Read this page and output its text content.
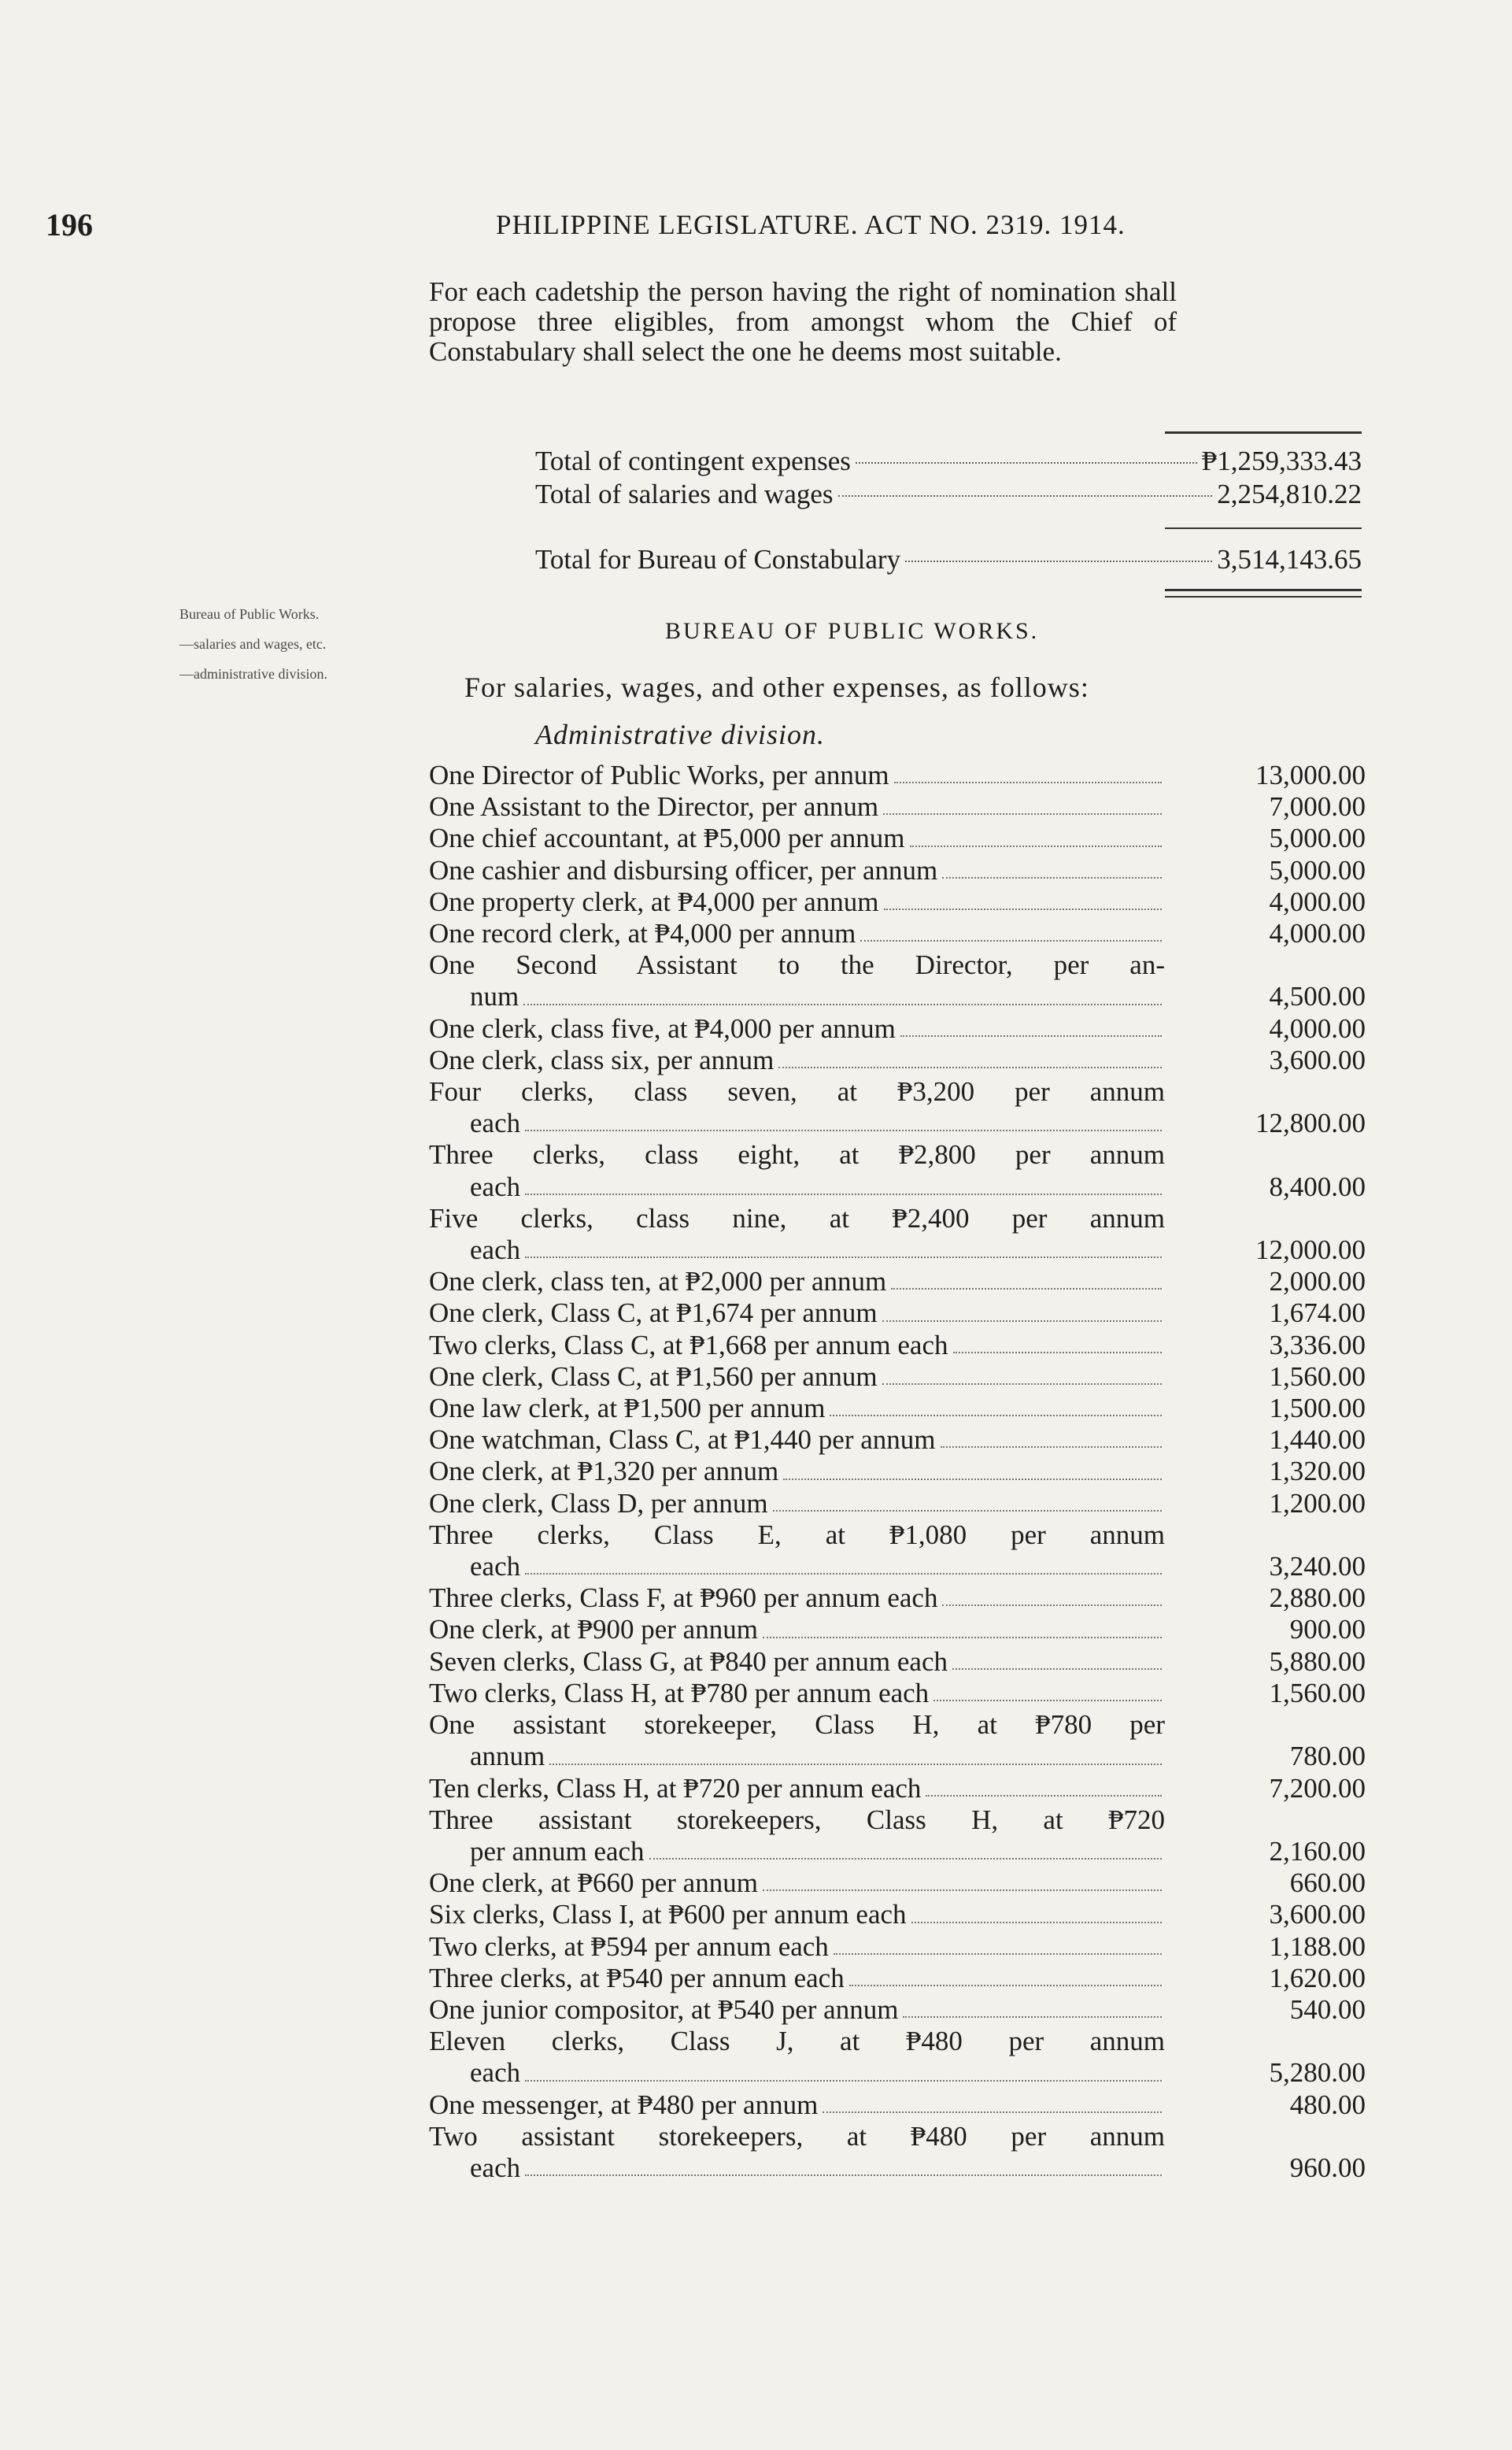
196	PHILIPPINE LEGISLATURE. ACT NO. 2319. 1914.
For each cadetship the person having the right of nomination shall propose three eligibles, from amongst whom the Chief of Constabulary shall select the one he deems most suitable.
Total of contingent expenses	₱1,259,333.43
Total of salaries and wages	2,254,810.22
Total for Bureau of Constabulary	3,514,143.65

Bureau of Public Works.

—salaries and wages, etc.

—administrative division.

BUREAU OF PUBLIC WORKS.
For salaries, wages, and other expenses, as follows:
Administrative division.
One Director of Public Works, per annum	13,000.00
One Assistant to the Director, per annum	7,000.00
One chief accountant, at ₱5,000 per annum	5,000.00
One cashier and disbursing officer, per annum	5,000.00
One property clerk, at ₱4,000 per annum	4,000.00
One record clerk, at ₱4,000 per annum	4,000.00
One Second Assistant to the Director, per an-
num	4,500.00
One clerk, class five, at ₱4,000 per annum	4,000.00
One clerk, class six, per annum	3,600.00
Four clerks, class seven, at ₱3,200 per annum
each	12,800.00
Three clerks, class eight, at ₱2,800 per annum
each	8,400.00
Five clerks, class nine, at ₱2,400 per annum
each	12,000.00
One clerk, class ten, at ₱2,000 per annum	2,000.00
One clerk, Class C, at ₱1,674 per annum	1,674.00
Two clerks, Class C, at ₱1,668 per annum each	3,336.00
One clerk, Class C, at ₱1,560 per annum	1,560.00
One law clerk, at ₱1,500 per annum	1,500.00
One watchman, Class C, at ₱1,440 per annum	1,440.00
One clerk, at ₱1,320 per annum	1,320.00
One clerk, Class D, per annum	1,200.00
Three clerks, Class E, at ₱1,080 per annum
each	3,240.00
Three clerks, Class F, at ₱960 per annum each	2,880.00
One clerk, at ₱900 per annum	900.00
Seven clerks, Class G, at ₱840 per annum each	5,880.00
Two clerks, Class H, at ₱780 per annum each	1,560.00
One assistant storekeeper, Class H, at ₱780 per
annum	780.00
Ten clerks, Class H, at ₱720 per annum each	7,200.00
Three assistant storekeepers, Class H, at ₱720
per annum each	2,160.00
One clerk, at ₱660 per annum	660.00
Six clerks, Class I, at ₱600 per annum each	3,600.00
Two clerks, at ₱594 per annum each	1,188.00
Three clerks, at ₱540 per annum each	1,620.00
One junior compositor, at ₱540 per annum	540.00
Eleven clerks, Class J, at ₱480 per annum
each	5,280.00
One messenger, at ₱480 per annum	480.00
Two assistant storekeepers, at ₱480 per annum
each	960.00
